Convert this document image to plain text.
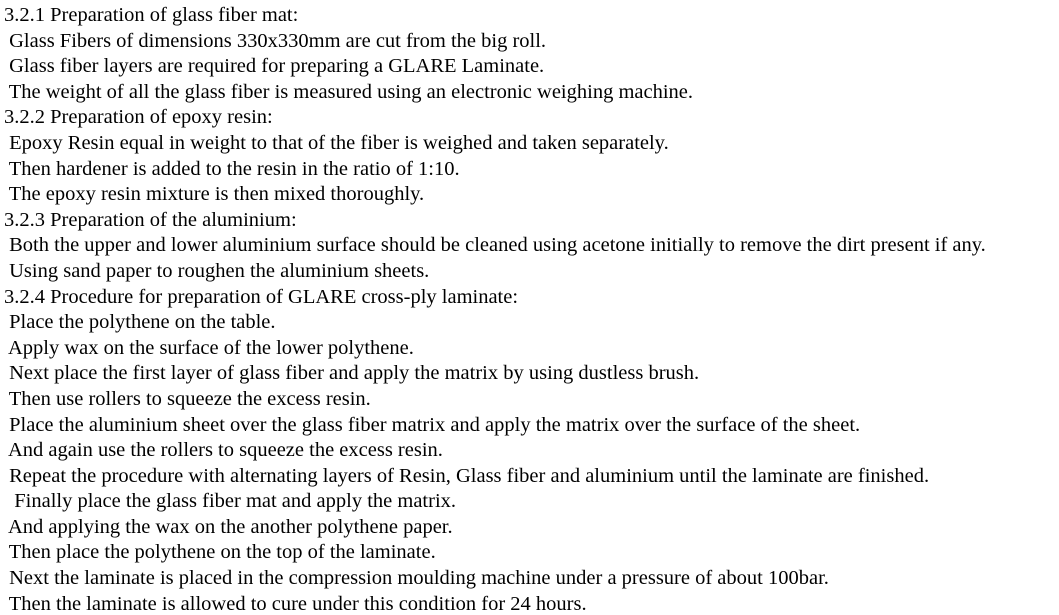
3.2.1 Preparation of glass fiber mat:
Glass Fibers of dimensions 330x330mm are cut from the big roll.
Glass fiber layers are required for preparing a GLARE Laminate.
The weight of all the glass fiber is measured using an electronic weighing machine.
3.2.2 Preparation of epoxy resin:
Epoxy Resin equal in weight to that of the fiber is weighed and taken separately.
Then hardener is added to the resin in the ratio of 1:10.
The epoxy resin mixture is then mixed thoroughly.
3.2.3 Preparation of the aluminium:
Both the upper and lower aluminium surface should be cleaned using acetone initially to remove the dirt present if any.
Using sand paper to roughen the aluminium sheets.
3.2.4 Procedure for preparation of GLARE cross-ply laminate:
Place the polythene on the table.
Apply wax on the surface of the lower polythene.
Next place the first layer of glass fiber and apply the matrix by using dustless brush.
Then use rollers to squeeze the excess resin.
Place the aluminium sheet over the glass fiber matrix and apply the matrix over the surface of the sheet.
And again use the rollers to squeeze the excess resin.
Repeat the procedure with alternating layers of Resin, Glass fiber and aluminium until the laminate are finished.
Finally place the glass fiber mat and apply the matrix.
And applying the wax on the another polythene paper.
Then place the polythene on the top of the laminate.
Next the laminate is placed in the compression moulding machine under a pressure of about 100bar.
Then the laminate is allowed to cure under this condition for 24 hours.
